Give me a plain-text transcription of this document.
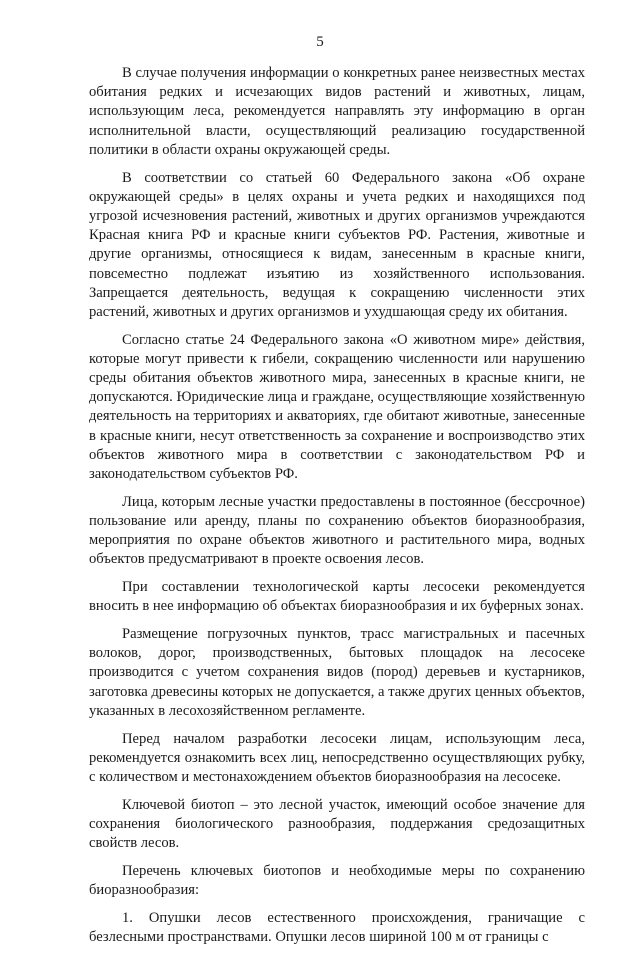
5

В случае получения информации о конкретных ранее неизвестных местах обитания редких и исчезающих видов растений и животных, лицам, использующим леса, рекомендуется направлять эту информацию в орган исполнительной власти, осуществляющий реализацию государственной политики в области охраны окружающей среды.

В соответствии со статьей 60 Федерального закона «Об охране окружающей среды» в целях охраны и учета редких и находящихся под угрозой исчезновения растений, животных и других организмов учреждаются Красная книга РФ и красные книги субъектов РФ. Растения, животные и другие организмы, относящиеся к видам, занесенным в красные книги, повсеместно подлежат изъятию из хозяйственного использования. Запрещается деятельность, ведущая к сокращению численности этих растений, животных и других организмов и ухудшающая среду их обитания.

Согласно статье 24 Федерального закона «О животном мире» действия, которые могут привести к гибели, сокращению численности или нарушению среды обитания объектов животного мира, занесенных в красные книги, не допускаются. Юридические лица и граждане, осуществляющие хозяйственную деятельность на территориях и акваториях, где обитают животные, занесенные в красные книги, несут ответственность за сохранение и воспроизводство этих объектов животного мира в соответствии с законодательством РФ и законодательством субъектов РФ.

Лица, которым лесные участки предоставлены в постоянное (бессрочное) пользование или аренду, планы по сохранению объектов биоразнообразия, мероприятия по охране объектов животного и растительного мира, водных объектов предусматривают в проекте освоения лесов.

При составлении технологической карты лесосеки рекомендуется вносить в нее информацию об объектах биоразнообразия и их буферных зонах.

Размещение погрузочных пунктов, трасс магистральных и пасечных волоков, дорог, производственных, бытовых площадок на лесосеке производится с учетом сохранения видов (пород) деревьев и кустарников, заготовка древесины которых не допускается, а также других ценных объектов, указанных в лесохозяйственном регламенте.

Перед началом разработки лесосеки лицам, использующим леса, рекомендуется ознакомить всех лиц, непосредственно осуществляющих рубку, с количеством и местонахождением объектов биоразнообразия на лесосеке.

Ключевой биотоп – это лесной участок, имеющий особое значение для сохранения биологического разнообразия, поддержания средозащитных свойств лесов.

Перечень ключевых биотопов и необходимые меры по сохранению биоразнообразия:

1. Опушки лесов естественного происхождения, граничащие с безлесными пространствами. Опушки лесов шириной 100 м от границы с
